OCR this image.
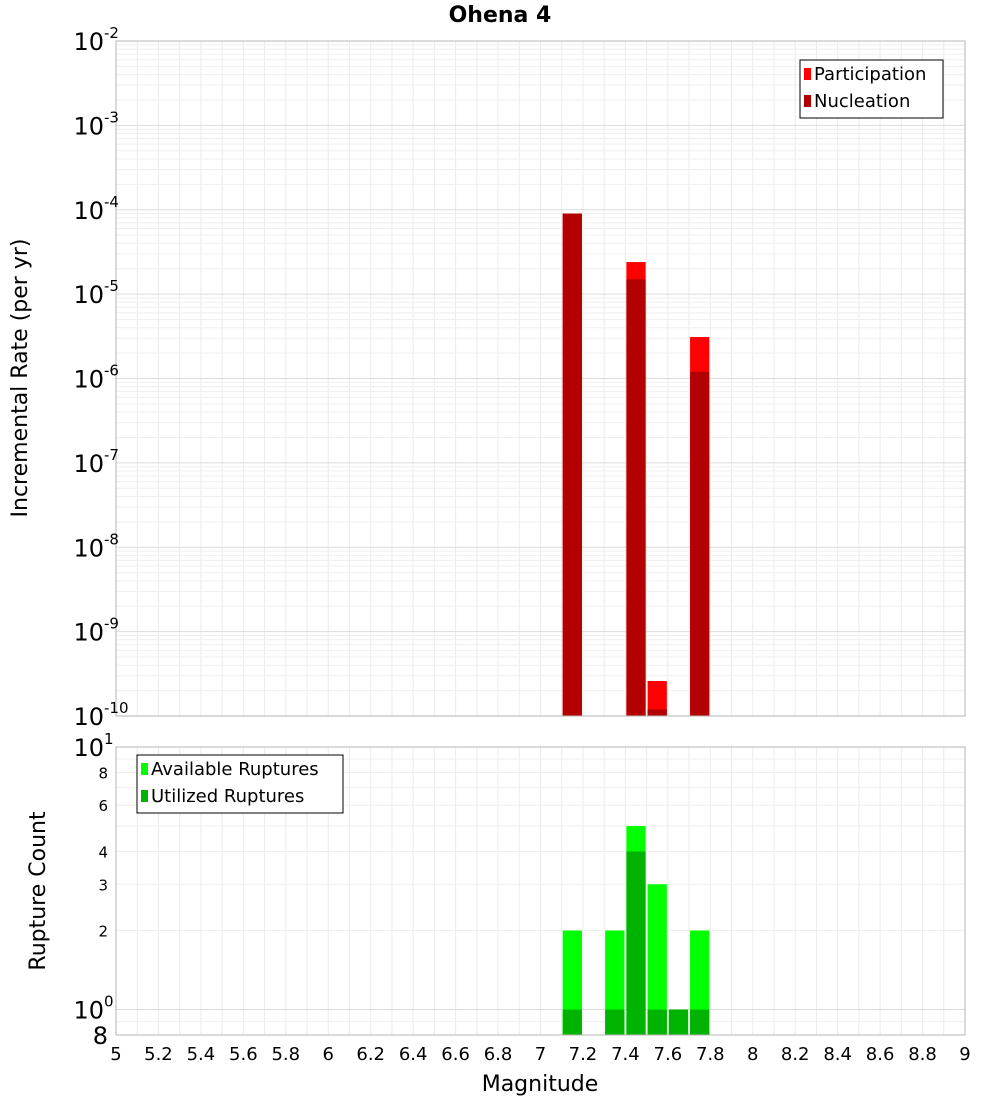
Ohena 4
Magnitude
Incremental Rate (per yr)
Rupture Count
10 -2
10 -3
10 -4
10 -5
10 -6
10 -7
10 -8
10 -9
10 -10
Participation
Nucleation
10 1
10 0
8
6
4
3
2
8
Available Ruptures
Utilized Ruptures
5 5.2 5.4 5.6 5.8 6 6.2 6.4 6.6 6.8 7 7.2 7.4 7.6 7.8 8 8.2 8.4 8.6 8.8 9
